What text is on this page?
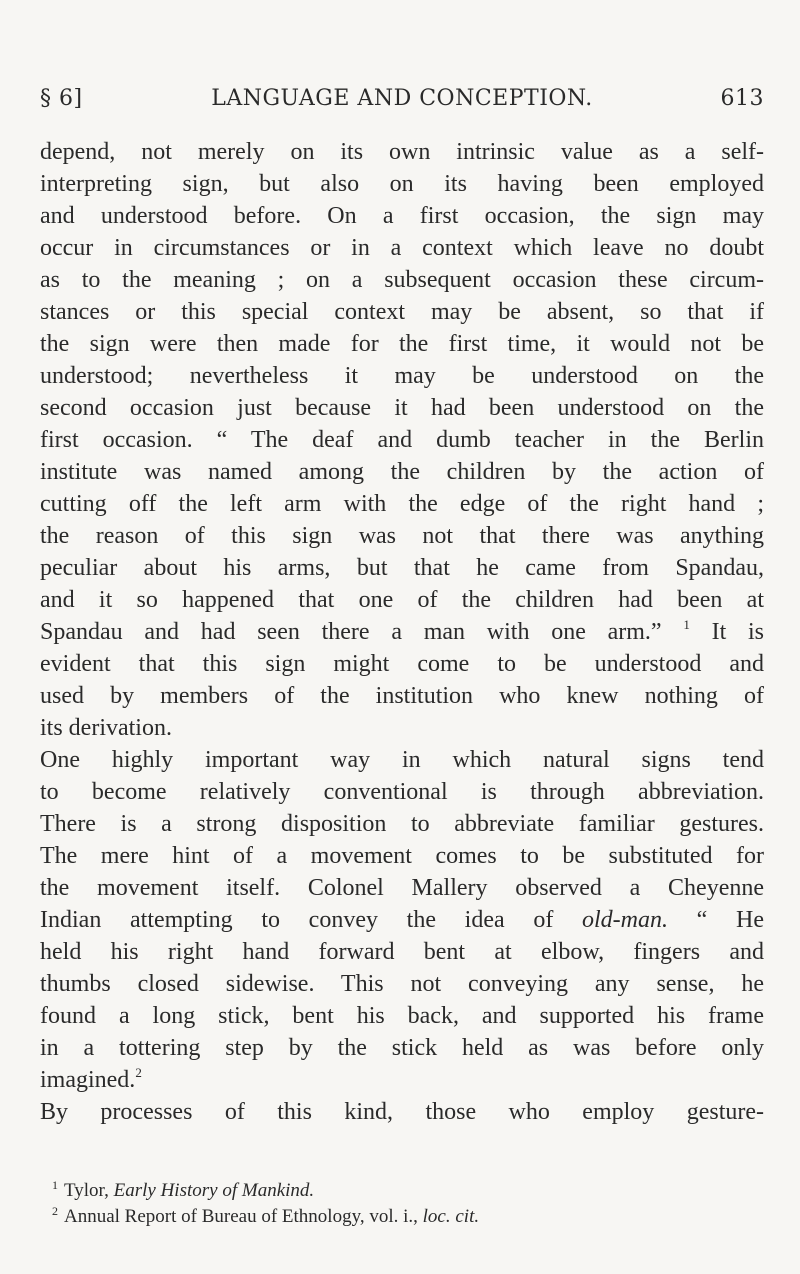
§ 6]	LANGUAGE AND CONCEPTION.	613
depend, not merely on its own intrinsic value as a self-
interpreting sign, but also on its having been employed
and understood before. On a first occasion, the sign may
occur in circumstances or in a context which leave no doubt
as to the meaning ; on a subsequent occasion these circum-
stances or this special context may be absent, so that if
the sign were then made for the first time, it would not be
understood; nevertheless it may be understood on the
second occasion just because it had been understood on the
first occasion. “ The deaf and dumb teacher in the Berlin
institute was named among the children by the action of
cutting off the left arm with the edge of the right hand ;
the reason of this sign was not that there was anything
peculiar about his arms, but that he came from Spandau,
and it so happened that one of the children had been at
Spandau and had seen there a man with one arm.” $^1$ It is
evident that this sign might come to be understood and
used by members of the institution who knew nothing of
its derivation.
One highly important way in which natural signs tend
to become relatively conventional is through abbreviation.
There is a strong disposition to abbreviate familiar gestures.
The mere hint of a movement comes to be substituted for
the movement itself. Colonel Mallery observed a Cheyenne
Indian attempting to convey the idea of old-man. “ He
held his right hand forward bent at elbow, fingers and
thumbs closed sidewise. This not conveying any sense, he
found a long stick, bent his back, and supported his frame
in a tottering step by the stick held as was before only
imagined.$^2$
By processes of this kind, those who employ gesture-
$^1$ Tylor, Early History of Mankind.
$^2$ Annual Report of Bureau of Ethnology, vol. i., loc. cit.
